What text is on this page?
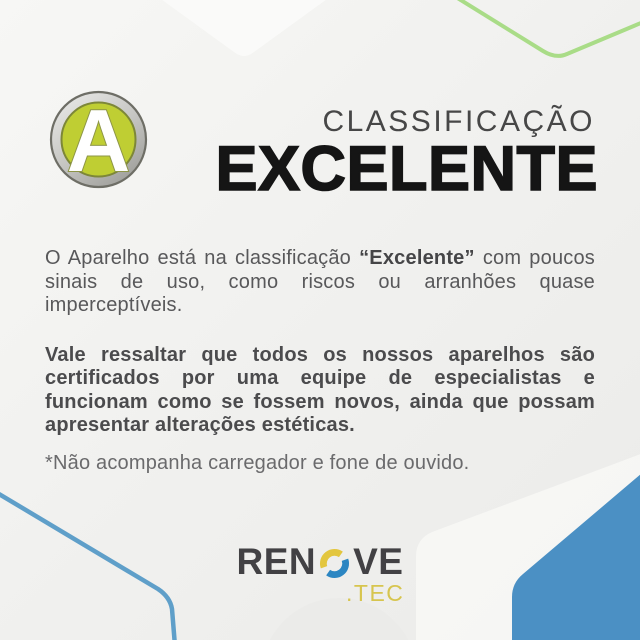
A	CLASSIFICAÇÃO
EXCELENTE

O Aparelho está na classificação “Excelente” com poucos sinais de uso, como riscos ou arranhões quase imperceptíveis.

Vale ressaltar que todos os nossos aparelhos são certificados por uma equipe de especialistas e funcionam como se fossem novos, ainda que possam apresentar alterações estéticas.

*Não acompanha carregador e fone de ouvido.

REN VE
.TEC
